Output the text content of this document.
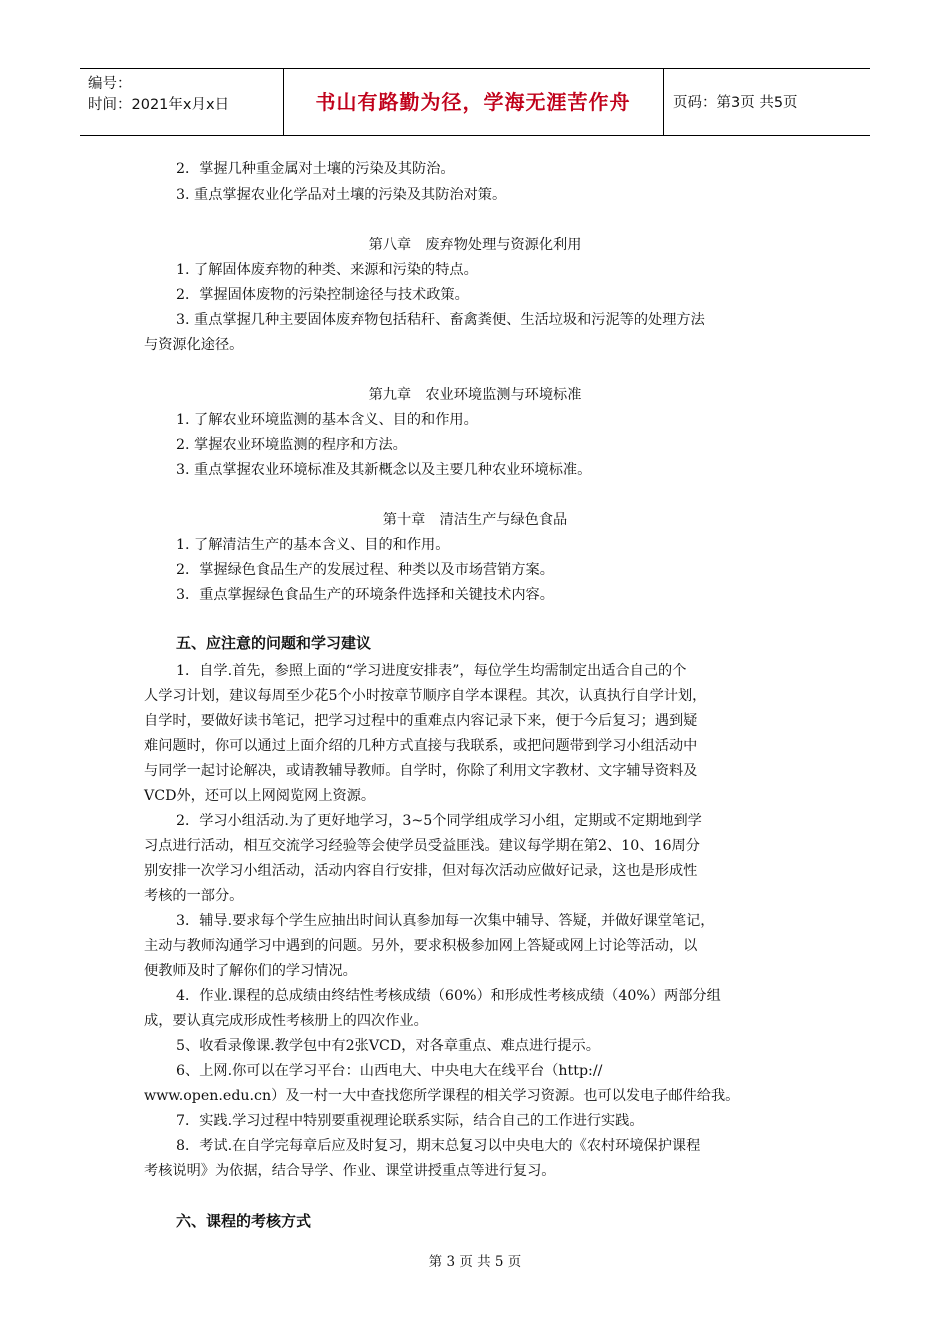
编号：
时间：2021年x月x日	书山有路勤为径，学海无涯苦作舟	页码：第3页 共5页
2．掌握几种重金属对土壤的污染及其防治。
3. 重点掌握农业化学品对土壤的污染及其防治对策。
第八章　废弃物处理与资源化利用
1. 了解固体废弃物的种类、来源和污染的特点。
2．掌握固体废物的污染控制途径与技术政策。
3. 重点掌握几种主要固体废弃物包括秸秆、畜禽粪便、生活垃圾和污泥等的处理方法
与资源化途径。
第九章　农业环境监测与环境标准
1. 了解农业环境监测的基本含义、目的和作用。
2. 掌握农业环境监测的程序和方法。
3. 重点掌握农业环境标准及其新概念以及主要几种农业环境标准。
第十章　清洁生产与绿色食品
1. 了解清洁生产的基本含义、目的和作用。
2．掌握绿色食品生产的发展过程、种类以及市场营销方案。
3．重点掌握绿色食品生产的环境条件选择和关键技术内容。
五、应注意的问题和学习建议
1．自学.首先，参照上面的“学习进度安排表”，每位学生均需制定出适合自己的个
人学习计划，建议每周至少花5个小时按章节顺序自学本课程。其次，认真执行自学计划，
自学时，要做好读书笔记，把学习过程中的重难点内容记录下来，便于今后复习；遇到疑
难问题时，你可以通过上面介绍的几种方式直接与我联系，或把问题带到学习小组活动中
与同学一起讨论解决，或请教辅导教师。自学时，你除了利用文字教材、文字辅导资料及
VCD外，还可以上网阅览网上资源。
2．学习小组活动.为了更好地学习，3~5个同学组成学习小组，定期或不定期地到学
习点进行活动，相互交流学习经验等会使学员受益匪浅。建议每学期在第2、10、16周分
别安排一次学习小组活动，活动内容自行安排，但对每次活动应做好记录，这也是形成性
考核的一部分。
3．辅导.要求每个学生应抽出时间认真参加每一次集中辅导、答疑，并做好课堂笔记，
主动与教师沟通学习中遇到的问题。另外，要求积极参加网上答疑或网上讨论等活动，以
便教师及时了解你们的学习情况。
4．作业.课程的总成绩由终结性考核成绩（60%）和形成性考核成绩（40%）两部分组
成，要认真完成形成性考核册上的四次作业。
5、收看录像课.教学包中有2张VCD，对各章重点、难点进行提示。
6、上网.你可以在学习平台：山西电大、中央电大在线平台（http://
www.open.edu.cn）及一村一大中查找您所学课程的相关学习资源。也可以发电子邮件给我。
7．实践.学习过程中特别要重视理论联系实际，结合自己的工作进行实践。
8．考试.在自学完每章后应及时复习，期末总复习以中央电大的《农村环境保护课程
考核说明》为依据，结合导学、作业、课堂讲授重点等进行复习。
六、课程的考核方式
第 3 页 共 5 页
